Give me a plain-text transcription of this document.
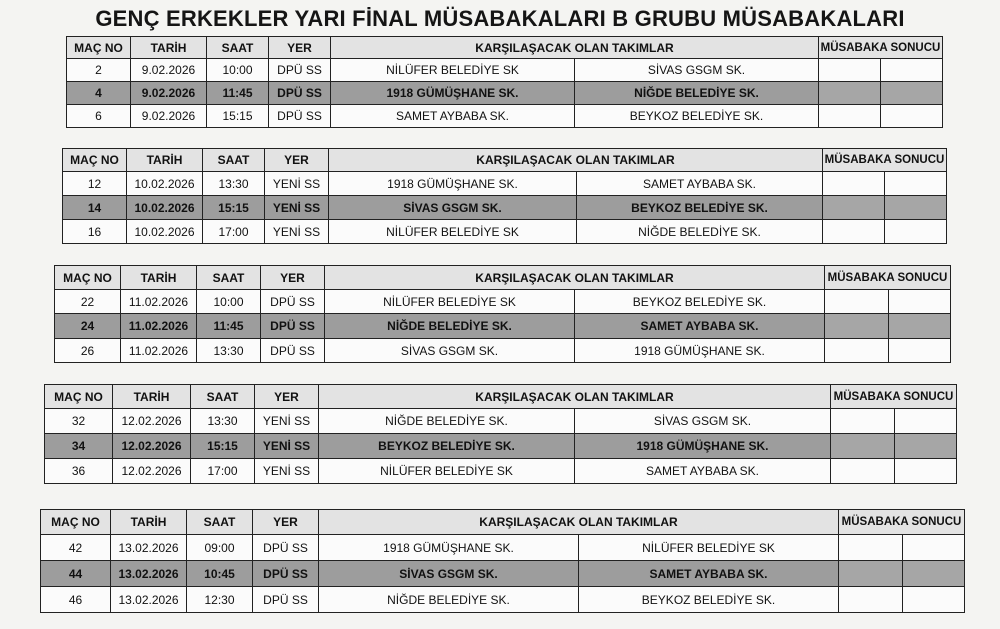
GENÇ ERKEKLER YARI FİNAL MÜSABAKALARI B GRUBU MÜSABAKALARI
MAÇ NO	TARİH	SAAT	YER	KARŞILAŞACAK OLAN TAKIMLAR		MÜSABAKA SONUCU	
2	9.02.2026	10:00	DPÜ SS	NİLÜFER BELEDİYE SK	SİVAS GSGM SK.		
4	9.02.2026	11:45	DPÜ SS	1918 GÜMÜŞHANE SK.	NİĞDE BELEDİYE SK.		
6	9.02.2026	15:15	DPÜ SS	SAMET AYBABA SK.	BEYKOZ BELEDİYE SK.		
MAÇ NO	TARİH	SAAT	YER	KARŞILAŞACAK OLAN TAKIMLAR		MÜSABAKA SONUCU	
12	10.02.2026	13:30	YENİ SS	1918 GÜMÜŞHANE SK.	SAMET AYBABA SK.		
14	10.02.2026	15:15	YENİ SS	SİVAS GSGM SK.	BEYKOZ BELEDİYE SK.		
16	10.02.2026	17:00	YENİ SS	NİLÜFER BELEDİYE SK	NİĞDE BELEDİYE SK.		
MAÇ NO	TARİH	SAAT	YER	KARŞILAŞACAK OLAN TAKIMLAR		MÜSABAKA SONUCU	
22	11.02.2026	10:00	DPÜ SS	NİLÜFER BELEDİYE SK	BEYKOZ BELEDİYE SK.		
24	11.02.2026	11:45	DPÜ SS	NİĞDE BELEDİYE SK.	SAMET AYBABA SK.		
26	11.02.2026	13:30	DPÜ SS	SİVAS GSGM SK.	1918 GÜMÜŞHANE SK.		
MAÇ NO	TARİH	SAAT	YER	KARŞILAŞACAK OLAN TAKIMLAR		MÜSABAKA SONUCU	
32	12.02.2026	13:30	YENİ SS	NİĞDE BELEDİYE SK.	SİVAS GSGM SK.		
34	12.02.2026	15:15	YENİ SS	BEYKOZ BELEDİYE SK.	1918 GÜMÜŞHANE SK.		
36	12.02.2026	17:00	YENİ SS	NİLÜFER BELEDİYE SK	SAMET AYBABA SK.		
MAÇ NO	TARİH	SAAT	YER	KARŞILAŞACAK OLAN TAKIMLAR		MÜSABAKA SONUCU	
42	13.02.2026	09:00	DPÜ SS	1918 GÜMÜŞHANE SK.	NİLÜFER BELEDİYE SK		
44	13.02.2026	10:45	DPÜ SS	SİVAS GSGM SK.	SAMET AYBABA SK.		
46	13.02.2026	12:30	DPÜ SS	NİĞDE BELEDİYE SK.	BEYKOZ BELEDİYE SK.		
